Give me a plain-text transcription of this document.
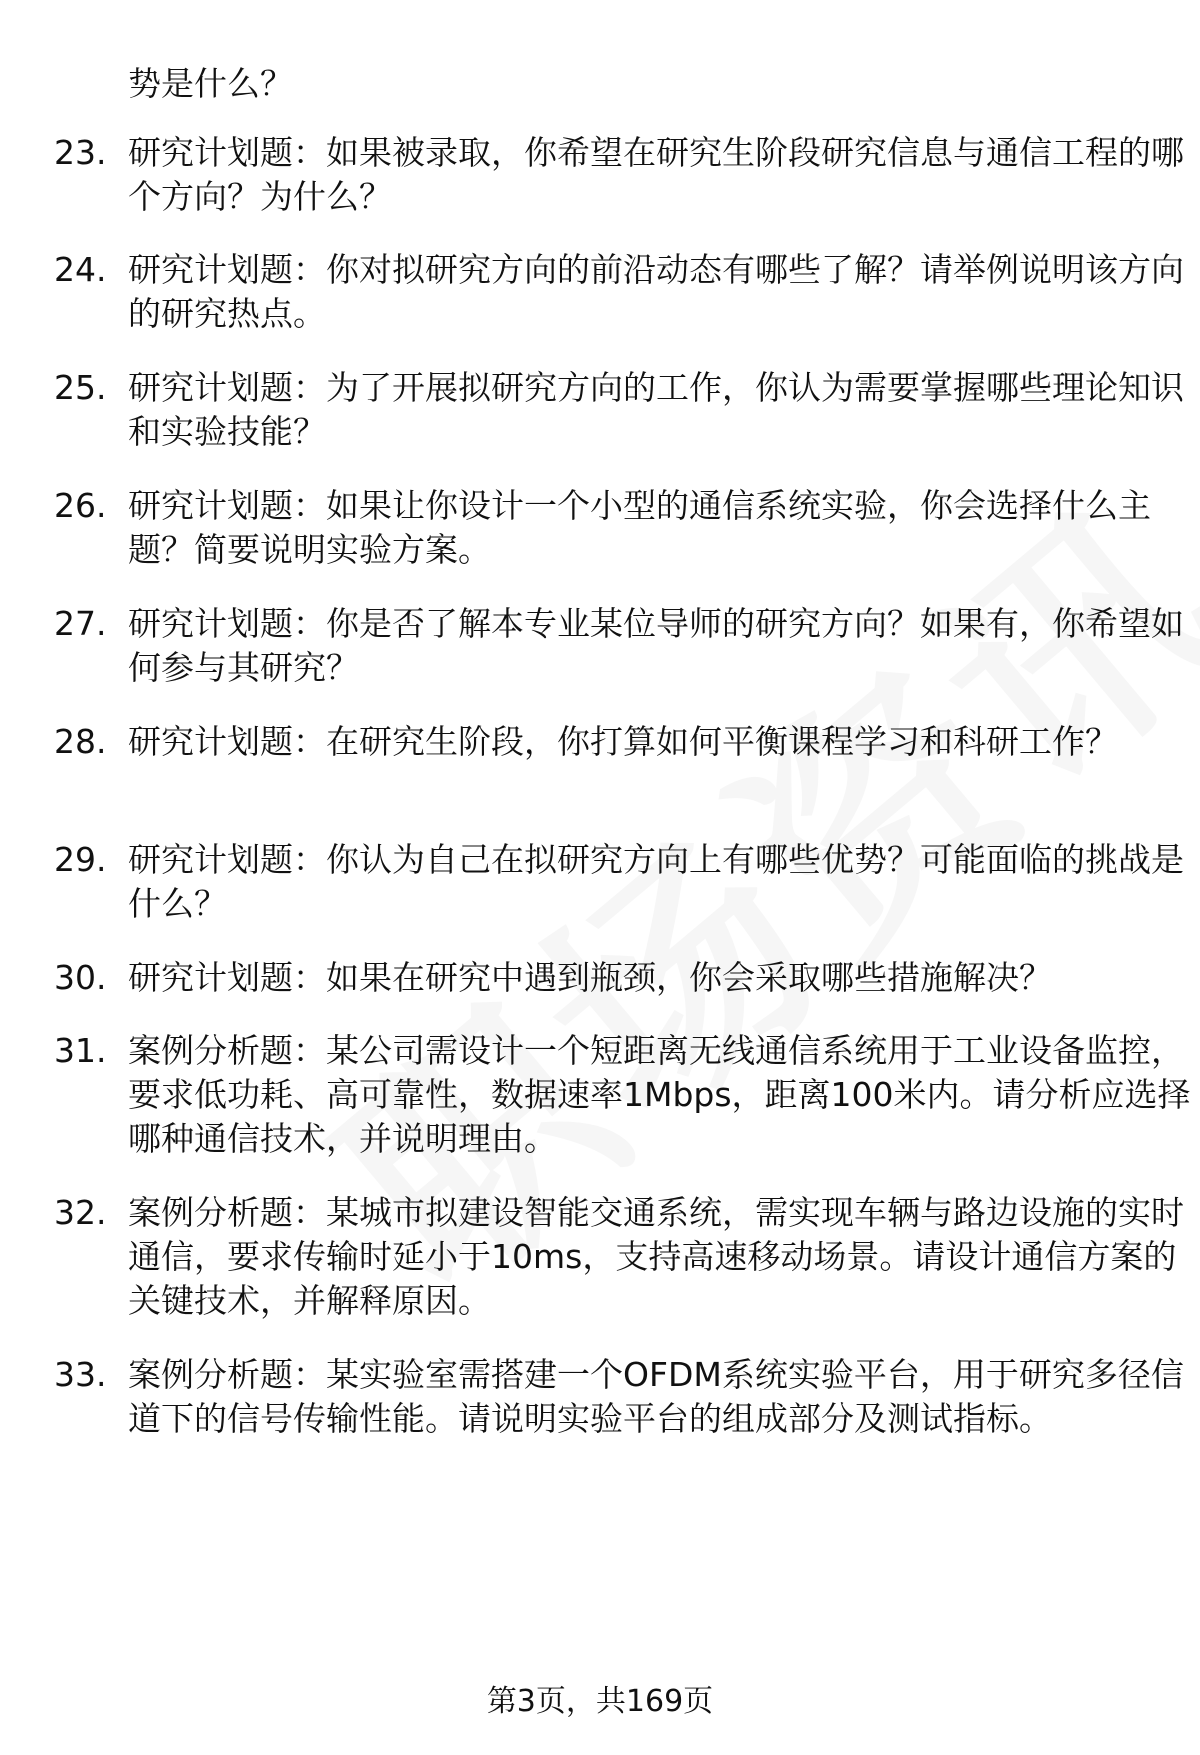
势是什么？
23. 研究计划题：如果被录取，你希望在研究生阶段研究信息与通信工程的哪个方向？为什么？
24. 研究计划题：你对拟研究方向的前沿动态有哪些了解？请举例说明该方向的研究热点。
25. 研究计划题：为了开展拟研究方向的工作，你认为需要掌握哪些理论知识和实验技能？
26. 研究计划题：如果让你设计一个小型的通信系统实验，你会选择什么主题？简要说明实验方案。
27. 研究计划题：你是否了解本专业某位导师的研究方向？如果有，你希望如何参与其研究？
28. 研究计划题：在研究生阶段，你打算如何平衡课程学习和科研工作？
29. 研究计划题：你认为自己在拟研究方向上有哪些优势？可能面临的挑战是什么？
30. 研究计划题：如果在研究中遇到瓶颈，你会采取哪些措施解决？
31. 案例分析题：某公司需设计一个短距离无线通信系统用于工业设备监控，要求低功耗、高可靠性，数据速率1Mbps，距离100米内。请分析应选择哪种通信技术，并说明理由。
32. 案例分析题：某城市拟建设智能交通系统，需实现车辆与路边设施的实时通信，要求传输时延小于10ms，支持高速移动场景。请设计通信方案的关键技术，并解释原因。
33. 案例分析题：某实验室需搭建一个OFDM系统实验平台，用于研究多径信道下的信号传输性能。请说明实验平台的组成部分及测试指标。
第3页，共169页
